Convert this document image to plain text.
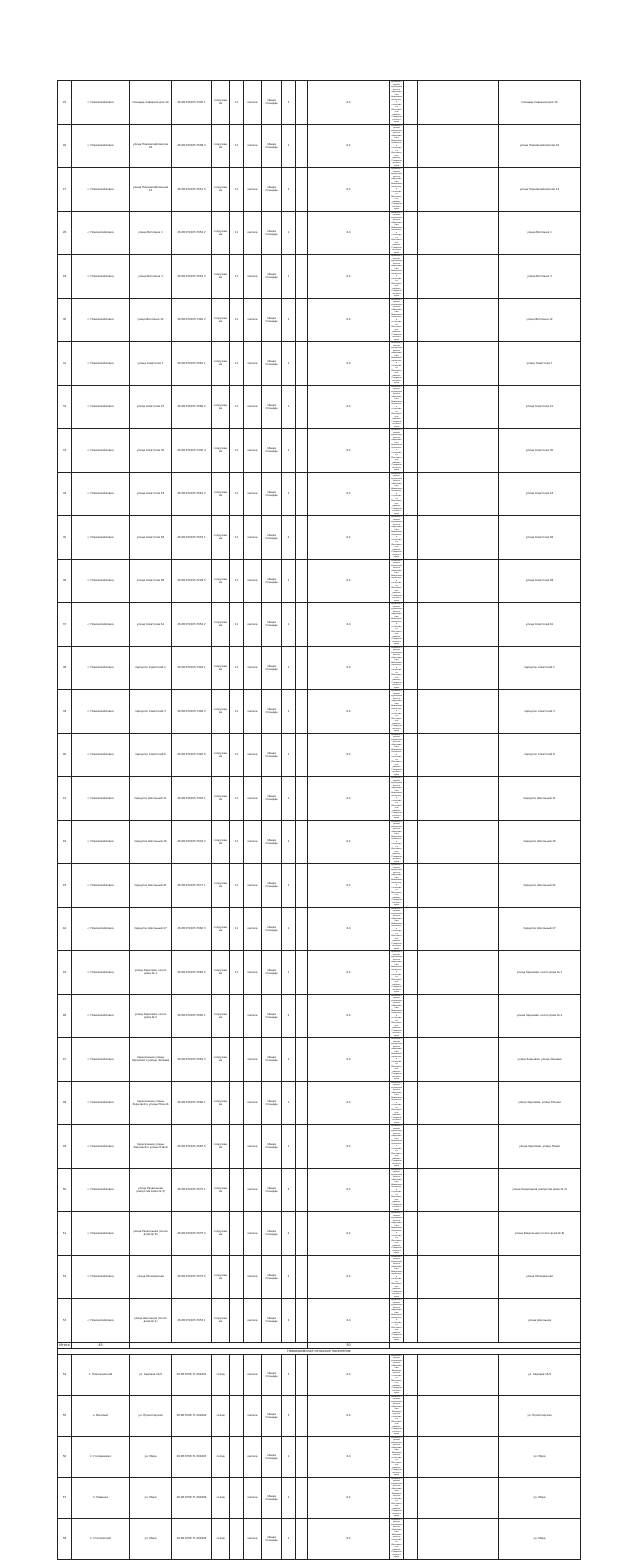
25	с. Новомихайловка	площадь Северная дом 10	26:08:070105:7305 1	сооружение	11	мелкое	общая площадь	3		0,4	администрация муниципального образования Новомихайловского сельсовета Ипатовского района Ставропольского края			площадь Северная дом 10
26	с. Новомихайловка	улица Новомихайловская 16	26:08:070105:7508 4	сооружение	11	мелкое	общая площадь	1		0,4	администрация муниципального образования Новомихайловского сельсовета Ипатовского района Ставропольского края			улица Новомихайловская 16
27	с. Новомихайловка	улица Новомихайловская 14	26:08:070105:7052 5	сооружение	11	мелкое	общая площадь	1		0,4	администрация муниципального образования Новомихайловского сельсовета Ипатовского района Ставропольского края			улица Новомихайловская 14
28	с. Новомихайловка	улица Ветлянка 1	26:08:070105:7052 2	сооружение	11	мелкое	общая площадь	1		0,4	администрация муниципального образования Новомихайловского сельсовета Ипатовского района Ставропольского края			улица Ветлянка 1
29	с. Новомихайловка	улица Ветлянка 3	26:08:070105:7052 3	сооружение	11	мелкое	общая площадь	1		0,4	администрация муниципального образования Новомихайловского сельсовета Ипатовского района Ставропольского края			улица Ветлянка 3
30	с. Новомихайловка	улица Ветлянка 12	26:08:070105:7440 2	сооружение	11	мелкое	общая площадь	1		0,4	администрация муниципального образования Новомихайловского сельсовета Ипатовского района Ставропольского края			улица Ветлянка 12
31	с. Новомихайловка	улица Советская 7	26:08:070105:7061 1	сооружение	11	мелкое	общая площадь	1		0,4	администрация муниципального образования Новомихайловского сельсовета Ипатовского района Ставропольского края			улица Советская 7
32	с. Новомихайловка	улица Советская 21	26:08:070105:7060 2	сооружение	11	мелкое	общая площадь	1		0,4	администрация муниципального образования Новомихайловского сельсовета Ипатовского района Ставропольского края			улица Советская 21
33	с. Новомихайловка	улица Советская 30	26:08:070105:7430 4	сооружение	11	мелкое	общая площадь	1		0,4	администрация муниципального образования Новомихайловского сельсовета Ипатовского района Ставропольского края			улица Советская 30
34	с. Новомихайловка	улица Советская 43	26:08:070105:7061 2	сооружение	11	мелкое	общая площадь	1		0,4	администрация муниципального образования Новомихайловского сельсовета Ипатовского района Ставропольского края			улица Советская 43
35	с. Новомихайловка	улица Советская 56	26:08:070105:7052 1	сооружение	11	мелкое	общая площадь	2		0,4	администрация муниципального образования Новомихайловского сельсовета Ипатовского района Ставропольского края			улица Советская 56
36	с. Новомихайловка	улица Советская 58	26:08:070105:7229 5	сооружение	11	мелкое	общая площадь	1		0,4	администрация муниципального образования Новомихайловского сельсовета Ипатовского района Ставропольского края			улица Советская 58
37	с. Новомихайловка	улица Советская 61	26:08:070105:7052 2	сооружение	11	мелкое	общая площадь	1		0,4	администрация муниципального образования Новомихайловского сельсовета Ипатовского района Ставропольского края			улица Советская 61
38	с. Новомихайловка	переулок Советский 1	26:08:070105:7444 1	сооружение	11	мелкое	общая площадь	1		0,4	администрация муниципального образования Новомихайловского сельсовета Ипатовского района Ставропольского края			переулок Советский 1
39	с. Новомихайловка	переулок Советский 3	26:08:070105:7440 5	сооружение	11	мелкое	общая площадь	1		0,4	администрация муниципального образования Новомихайловского сельсовета Ипатовского района Ставропольского края			переулок Советский 3
40	с. Новомихайловка	переулок Советский 6	26:08:070105:7440 5	сооружение	11	мелкое	общая площадь	1		0,4	администрация муниципального образования Новомихайловского сельсовета Ипатовского района Ставропольского края			переулок Советский 6
41	с. Новомихайловка	переулок Школьный 11	26:08:070105:7403 1	сооружение	11	мелкое	общая площадь	1		0,4	администрация муниципального образования Новомихайловского сельсовета Ипатовского района Ставропольского края			переулок Школьный 11
42	с. Новомихайловка	переулок Школьный 16	26:08:070105:7003 2	сооружение	11	мелкое	общая площадь	1		0,4	администрация муниципального образования Новомихайловского сельсовета Ипатовского района Ставропольского края			переулок Школьный 16
43	с. Новомихайловка	переулок Школьный 21	26:08:070105:7077 1	сооружение	11	мелкое	общая площадь	1		0,4	администрация муниципального образования Новомихайловского сельсовета Ипатовского района Ставропольского края			переулок Школьный 21
44	с. Новомихайловка	переулок Школьный 27	26:08:070105:7060 3	сооружение	11	мелкое	общая площадь	1		0,4	администрация муниципального образования Новомихайловского сельсовета Ипатовского района Ставропольского края			переулок Школьный 27
45	с. Новомихайловка	улица Зерновая, около дома № 1	26:08:070105:7065 2	сооружение	11	мелкое	общая площадь	1		0,4	администрация муниципального образования Новомихайловского сельсовета Ипатовского района Ставропольского края			улица Зерновая, около дома № 1
46	с. Новомихайловка	улица Зерновая, около дома № 2	26:08:070105:7065 1	сооружение		мелкое	общая площадь	2		0,4	администрация муниципального образования Новомихайловского сельсовета Ипатовского района Ставропольского края			улица Зерновая, около дома № 2
47	с. Новомихайловка	пересечение улицы Зерновой и улицы Чапаева	26:08:070105:7065 3	сооружение		мелкое	общая площадь	1		0,4	администрация муниципального образования Новомихайловского сельсовета Ипатовского района Ставропольского края			улица Зерновая, улица Чапаева
48	с. Новомихайловка	пересечение улицы Зерновой и улицы Южной	26:08:070105:7060 1	сооружение		мелкое	общая площадь	1		0,4	администрация муниципального образования Новомихайловского сельсовета Ипатовского района Ставропольского края			улица Зерновая, улица Южная
49	с. Новомихайловка	пересечение улицы Зерновой и улицы Новой	26:08:070105:7065 5	сооружение		мелкое	общая площадь	1		0,4	администрация муниципального образования Новомихайловского сельсовета Ипатовского района Ставропольского края			улица Зерновая, улица Новая
50	с. Новомихайловка	улица Раздольная (напротив дома № 3)	26:08:070105:7075 1	сооружение		мелкое	общая площадь	2		0,4	администрация муниципального образования Новомихайловского сельсовета Ипатовского района Ставропольского края			улица Раздольная (напротив дома № 3)
51	с. Новомихайловка	улица Раздольная (около дома № 8)	26:08:070105:7075 4	сооружение		мелкое	общая площадь	2		0,4	администрация муниципального образования Новомихайловского сельсовета Ипатовского района Ставропольского края			улица Раздольная (около дома № 8)
52	с. Новомихайловка	улица Молодёжная	26:08:070105:7075 5	сооружение		мелкое	общая площадь	2		0,4	администрация муниципального образования Новомихайловского сельсовета Ипатовского района Ставропольского края			улица Молодёжная
53	с. Новомихайловка	улица Школьная (около дома № 2)	26:08:070105:7053 1	сооружение		мелкое	общая площадь	2		0,4	администрация муниципального образования Новомихайловского сельсовета Ипатовского района Ставропольского края			улица Школьная
Итого	45									50				
Новокрымское сельское поселение														
54	х. Новокрымский	ул. Садовая 15/2	26:08:0708 71 000401	склад		мелкое	общая площадь	3		0,4	администрация муниципального образования Новокрымского сельсовета Ипатовского района Ставропольского края			ул. Садовая 15/2
55	х. Веселый	ул. Пролетарская	26:08:0708 71 000402	склад		мелкое	общая площадь	3		0,4	администрация муниципального образования Новокрымского сельсовета Ипатовского района Ставропольского края			ул. Пролетарская
56	п. Головановка	ул. Мира	26:08:0708 71 000403	склад		мелкое	общая площадь	1		0,4	администрация муниципального образования Новокрымского сельсовета Ипатовского района Ставропольского края			ул. Мира
57	п. Невинка	ул. Мира	26:08:0708 71 000404	склад		мелкое	общая площадь	1		0,4	администрация муниципального образования Новокрымского сельсовета Ипатовского района Ставропольского края			ул. Мира
58	х. Степновский	ул. Мира	26:08:0708 71 000405	склад		мелкое	общая площадь	1		0,4	администрация муниципального образования Новокрымского сельсовета Ипатовского района Ставропольского края			ул. Мира
